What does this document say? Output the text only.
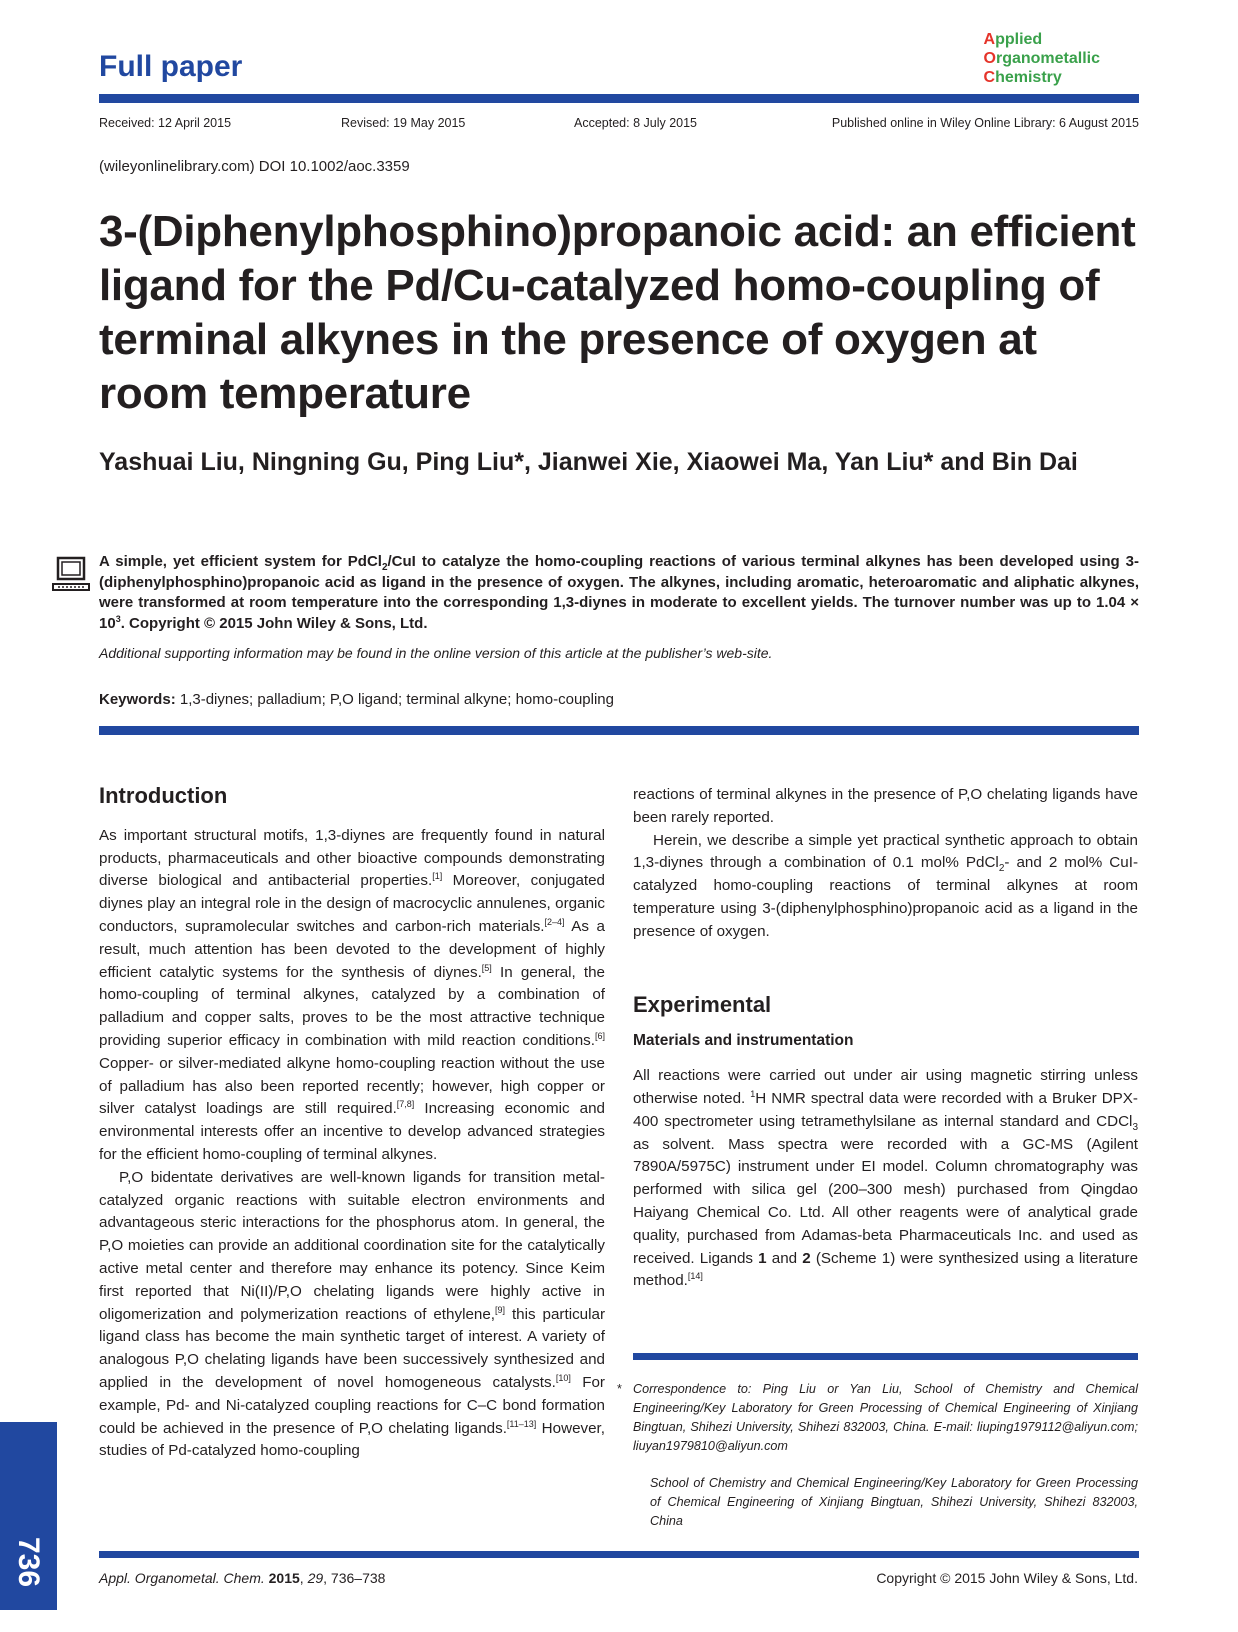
Full paper
Applied
Organometallic
Chemistry
Received: 12 April 2015	Revised: 19 May 2015	Accepted: 8 July 2015	Published online in Wiley Online Library: 6 August 2015
(wileyonlinelibrary.com) DOI 10.1002/aoc.3359
3-(Diphenylphosphino)propanoic acid: an efficient ligand for the Pd/Cu-catalyzed homo-coupling of terminal alkynes in the presence of oxygen at room temperature
Yashuai Liu, Ningning Gu, Ping Liu*, Jianwei Xie, Xiaowei Ma, Yan Liu* and Bin Dai
A simple, yet efficient system for PdCl$_2$/CuI to catalyze the homo-coupling reactions of various terminal alkynes has been developed using 3-(diphenylphosphino)propanoic acid as ligand in the presence of oxygen. The alkynes, including aromatic, heteroaromatic and aliphatic alkynes, were transformed at room temperature into the corresponding 1,3-diynes in moderate to excellent yields. The turnover number was up to $1.04 \times 10^3$. Copyright © 2015 John Wiley & Sons, Ltd.
Additional supporting information may be found in the online version of this article at the publisher’s web-site.
Keywords: 1,3-diynes; palladium; P,O ligand; terminal alkyne; homo-coupling
Introduction

As important structural motifs, 1,3-diynes are frequently found in natural products, pharmaceuticals and other bioactive compounds demonstrating diverse biological and antibacterial properties.[1] Moreover, conjugated diynes play an integral role in the design of macrocyclic annulenes, organic conductors, supramolecular switches and carbon-rich materials.[2–4] As a result, much attention has been devoted to the development of highly efficient catalytic systems for the synthesis of diynes.[5] In general, the homo-coupling of terminal alkynes, catalyzed by a combination of palladium and copper salts, proves to be the most attractive technique providing superior efficacy in combination with mild reaction conditions.[6] Copper- or silver-mediated alkyne homo-coupling reaction without the use of palladium has also been reported recently; however, high copper or silver catalyst loadings are still required.[7,8] Increasing economic and environmental interests offer an incentive to develop advanced strategies for the efficient homo-coupling of terminal alkynes.

P,O bidentate derivatives are well-known ligands for transition metal-catalyzed organic reactions with suitable electron environments and advantageous steric interactions for the phosphorus atom. In general, the P,O moieties can provide an additional coordination site for the catalytically active metal center and therefore may enhance its potency. Since Keim first reported that Ni(II)/P,O chelating ligands were highly active in oligomerization and polymerization reactions of ethylene,[9] this particular ligand class has become the main synthetic target of interest. A variety of analogous P,O chelating ligands have been successively synthesized and applied in the development of novel homogeneous catalysts.[10] For example, Pd- and Ni-catalyzed coupling reactions for C–C bond formation could be achieved in the presence of P,O chelating ligands.[11–13] However, studies of Pd-catalyzed homo-coupling

reactions of terminal alkynes in the presence of P,O chelating ligands have been rarely reported.

Herein, we describe a simple yet practical synthetic approach to obtain 1,3-diynes through a combination of 0.1 mol% PdCl$_2$- and 2 mol% CuI-catalyzed homo-coupling reactions of terminal alkynes at room temperature using 3-(diphenylphosphino)propanoic acid as a ligand in the presence of oxygen.

Experimental
Materials and instrumentation

All reactions were carried out under air using magnetic stirring unless otherwise noted. $^1$H NMR spectral data were recorded with a Bruker DPX-400 spectrometer using tetramethylsilane as internal standard and CDCl$_3$ as solvent. Mass spectra were recorded with a GC-MS (Agilent 7890A/5975C) instrument under EI model. Column chromatography was performed with silica gel (200–300 mesh) purchased from Qingdao Haiyang Chemical Co. Ltd. All other reagents were of analytical grade quality, purchased from Adamas-beta Pharmaceuticals Inc. and used as received. Ligands 1 and 2 (Scheme 1) were synthesized using a literature method.[14]

* Correspondence to: Ping Liu or Yan Liu, School of Chemistry and Chemical Engineering/Key Laboratory for Green Processing of Chemical Engineering of Xinjiang Bingtuan, Shihezi University, Shihezi 832003, China. E-mail: liuping1979112@aliyun.com; liuyan1979810@aliyun.com
School of Chemistry and Chemical Engineering/Key Laboratory for Green Processing of Chemical Engineering of Xinjiang Bingtuan, Shihezi University, Shihezi 832003, China
736	Appl. Organometal. Chem. 2015, 29, 736–738	Copyright © 2015 John Wiley & Sons, Ltd.
